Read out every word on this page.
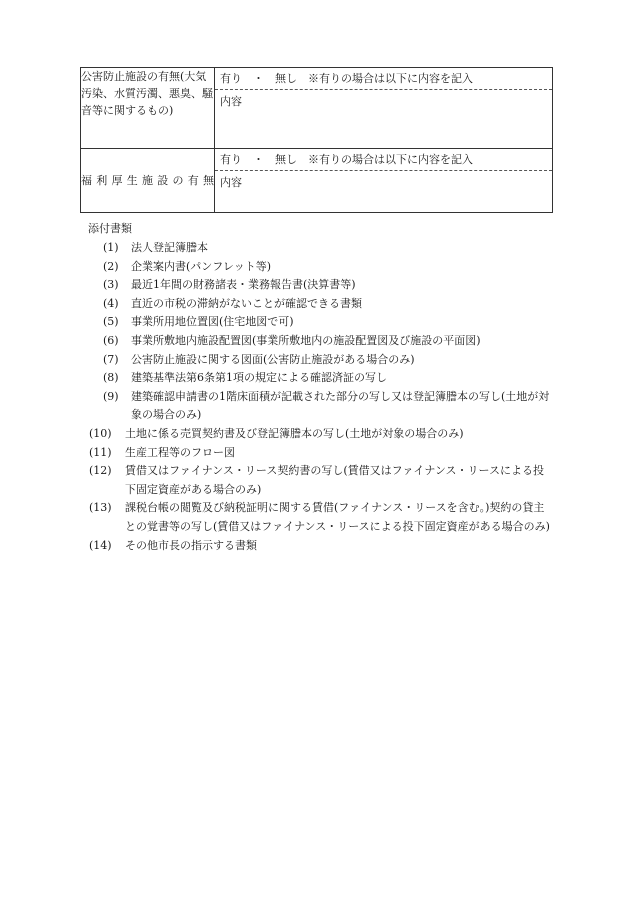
公害防止施設の有無(大気汚染、水質汚濁、悪臭、騒音等に関するもの)	有り　・　無し　※有りの場合は以下に内容を記入
内容

福利厚生施設の有無	有り　・　無し　※有りの場合は以下に内容を記入
内容
添付書類
(1)	法人登記簿謄本
(2)	企業案内書(パンフレット等)
(3)	最近1年間の財務諸表・業務報告書(決算書等)
(4)	直近の市税の滞納がないことが確認できる書類
(5)	事業所用地位置図(住宅地図で可)
(6)	事業所敷地内施設配置図(事業所敷地内の施設配置図及び施設の平面図)
(7)	公害防止施設に関する図面(公害防止施設がある場合のみ)
(8)	建築基準法第6条第1項の規定による確認済証の写し
(9)	建築確認申請書の1階床面積が記載された部分の写し又は登記簿謄本の写し(土地が対象の場合のみ)
(10)	土地に係る売買契約書及び登記簿謄本の写し(土地が対象の場合のみ)
(11)	生産工程等のフロー図
(12)	賃借又はファイナンス・リース契約書の写し(賃借又はファイナンス・リースによる投下固定資産がある場合のみ)
(13)	課税台帳の閲覧及び納税証明に関する賃借(ファイナンス・リースを含む。)契約の貸主との覚書等の写し(賃借又はファイナンス・リースによる投下固定資産がある場合のみ)
(14)	その他市長の指示する書類
